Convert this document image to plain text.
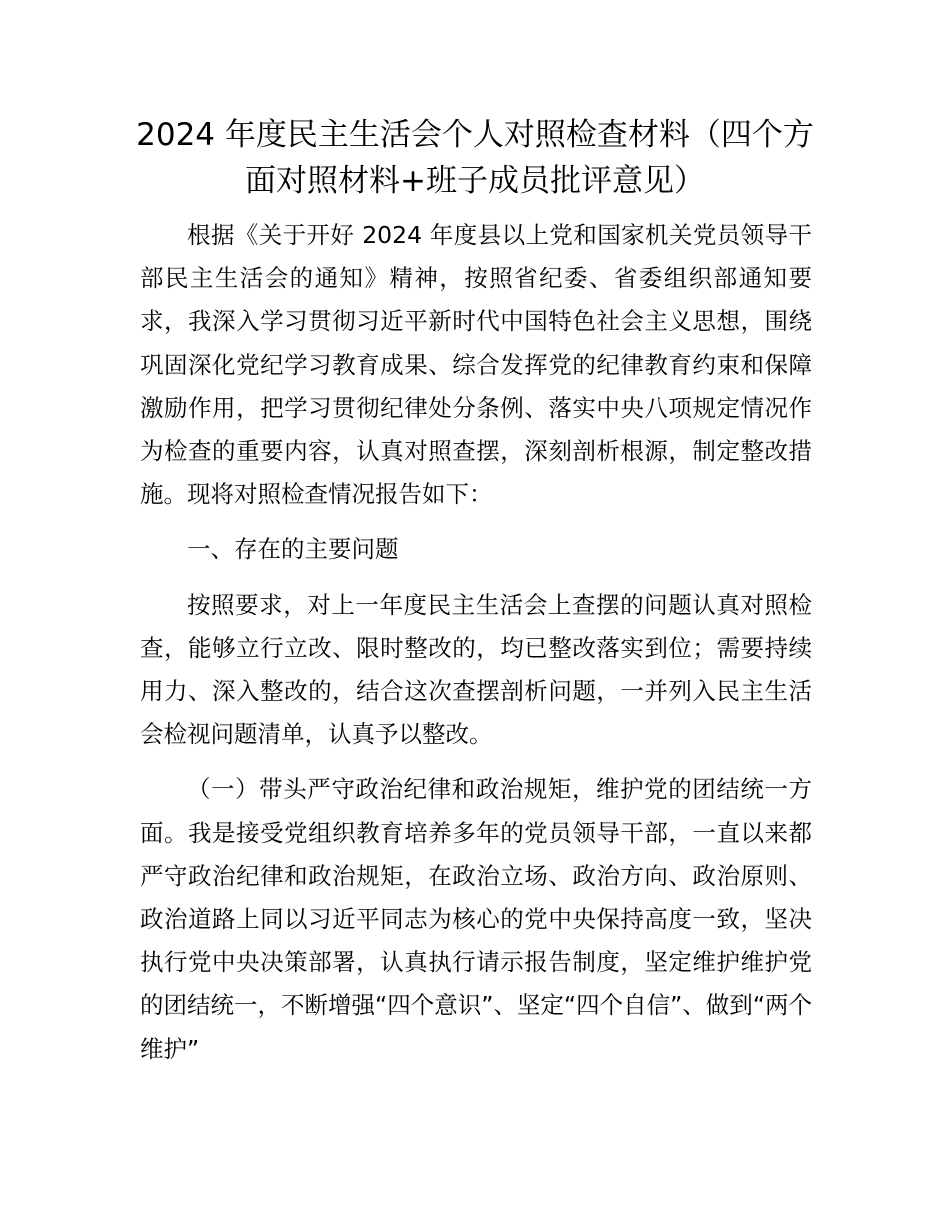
2024 年度民主生活会个人对照检查材料（四个方面对照材料+班子成员批评意见）

根据《关于开好 2024 年度县以上党和国家机关党员领导干部民主生活会的通知》精神，按照省纪委、省委组织部通知要求，我深入学习贯彻习近平新时代中国特色社会主义思想，围绕巩固深化党纪学习教育成果、综合发挥党的纪律教育约束和保障激励作用，把学习贯彻纪律处分条例、落实中央八项规定情况作为检查的重要内容，认真对照查摆，深刻剖析根源，制定整改措施。现将对照检查情况报告如下：

一、存在的主要问题

按照要求，对上一年度民主生活会上查摆的问题认真对照检查，能够立行立改、限时整改的，均已整改落实到位；需要持续用力、深入整改的，结合这次查摆剖析问题，一并列入民主生活会检视问题清单，认真予以整改。

（一）带头严守政治纪律和政治规矩，维护党的团结统一方面。我是接受党组织教育培养多年的党员领导干部，一直以来都严守政治纪律和政治规矩，在政治立场、政治方向、政治原则、政治道路上同以习近平同志为核心的党中央保持高度一致，坚决执行党中央决策部署，认真执行请示报告制度，坚定维护维护党的团结统一，不断增强“四个意识”、坚定“四个自信”、做到“两个维护”
